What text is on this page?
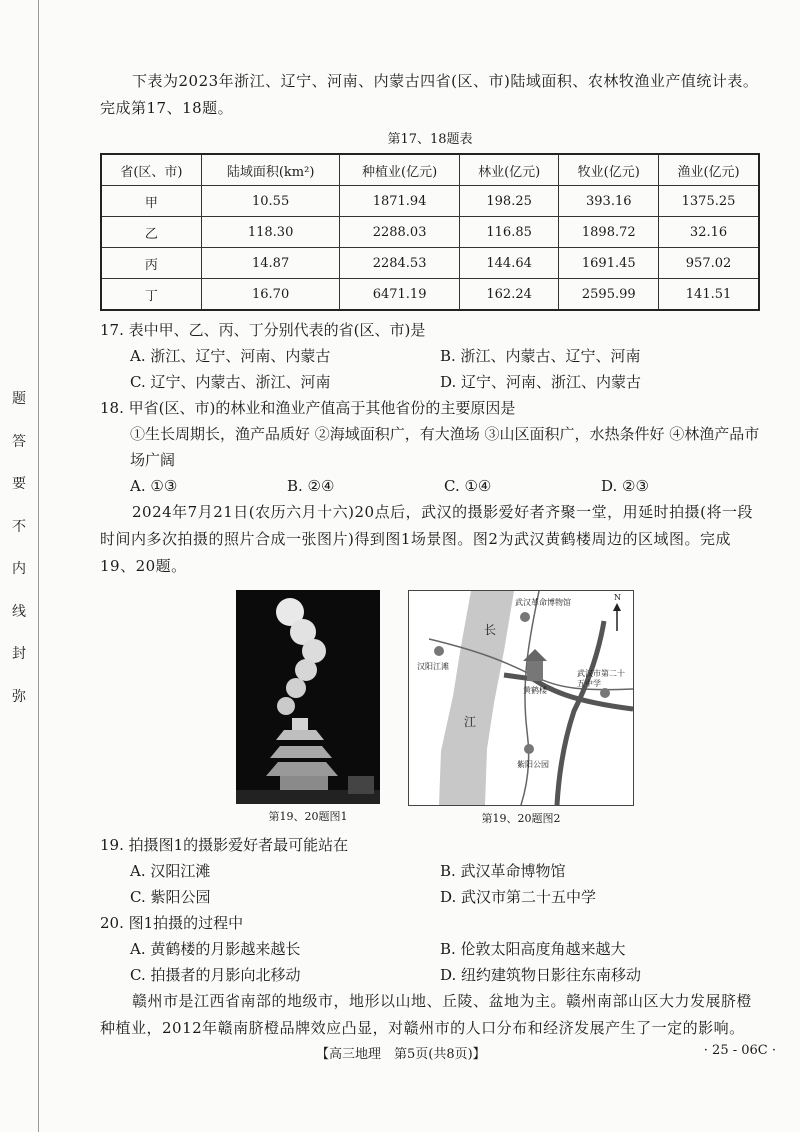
题
答
要
不
内
线
封
弥

下表为2023年浙江、辽宁、河南、内蒙古四省(区、市)陆域面积、农林牧渔业产值统计表。完成第17、18题。

第17、18题表
省(区、市)	陆域面积(km²)	种植业(亿元)	林业(亿元)	牧业(亿元)	渔业(亿元)
甲	10.55	1871.94	198.25	393.16	1375.25
乙	118.30	2288.03	116.85	1898.72	32.16
丙	14.87	2284.53	144.64	1691.45	957.02
丁	16.70	6471.19	162.24	2595.99	141.51

17. 表中甲、乙、丙、丁分别代表的省(区、市)是

A. 浙江、辽宁、河南、内蒙古	B. 浙江、内蒙古、辽宁、河南
C. 辽宁、内蒙古、浙江、河南	D. 辽宁、河南、浙江、内蒙古

18. 甲省(区、市)的林业和渔业产值高于其他省份的主要原因是

①生长周期长，渔产品质好 ②海域面积广，有大渔场 ③山区面积广，水热条件好 ④林渔产品市场广阔

A. ①③	B. ②④	C. ①④	D. ②③

2024年7月21日(农历六月十六)20点后，武汉的摄影爱好者齐聚一堂，用延时拍摄(将一段时间内多次拍摄的照片合成一张图片)得到图1场景图。图2为武汉黄鹤楼周边的区域图。完成19、20题。

第19、20题图1
武汉革命博物馆
长
江
汉阳江滩
黄鹤楼
武汉市第二十五中学
紫阳公园
N
第19、20题图2

19. 拍摄图1的摄影爱好者最可能站在

A. 汉阳江滩	B. 武汉革命博物馆
C. 紫阳公园	D. 武汉市第二十五中学

20. 图1拍摄的过程中

A. 黄鹤楼的月影越来越长	B. 伦敦太阳高度角越来越大
C. 拍摄者的月影向北移动	D. 纽约建筑物日影往东南移动

赣州市是江西省南部的地级市，地形以山地、丘陵、盆地为主。赣州南部山区大力发展脐橙种植业，2012年赣南脐橙品牌效应凸显，对赣州市的人口分布和经济发展产生了一定的影响。

【高三地理　第5页(共8页)】	· 25 - 06C ·
